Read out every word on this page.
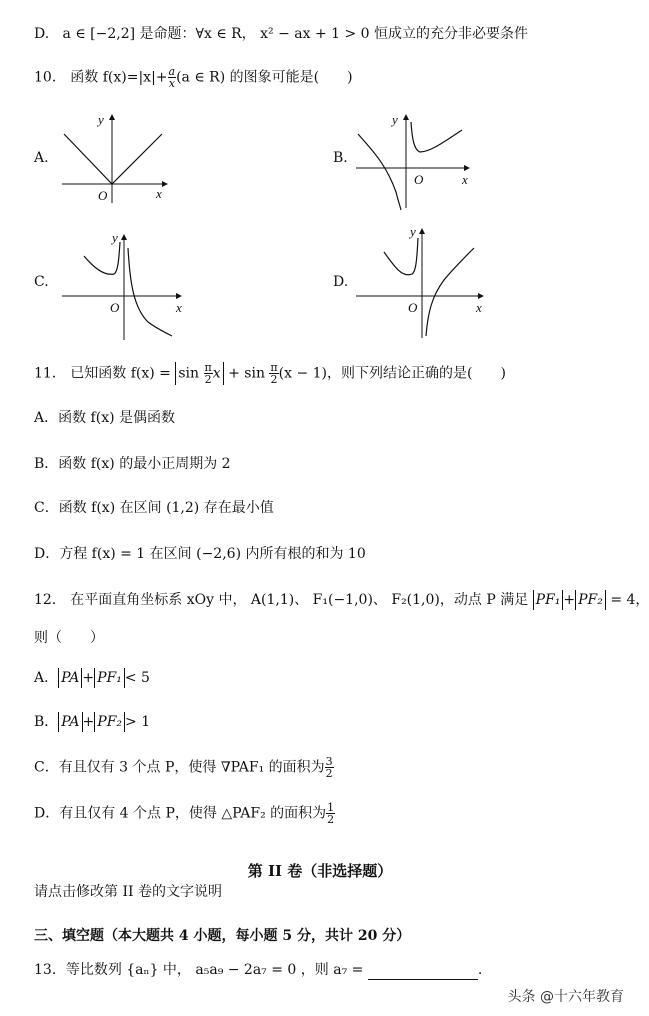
D. a ∈ [−2,2] 是命题：∀x ∈ R， x² − ax + 1 > 0 恒成立的充分非必要条件
10． 函数 $f(x)=|x|+ \frac{a}{x} (a$ ∈ R) 的图象可能是(　　)
A.	B.
C.	D.
y
O	x
y
O	x
y
O	x
y
O	x
11． 已知函数 $f(x) = \sin \frac{\pi}{2}$ $x + \sin \frac{\pi}{2} (x - 1)$，则下列结论正确的是(　　)
A．函数 f(x) 是偶函数
B．函数 f(x) 的最小正周期为 2
C．函数 f(x) 在区间 (1,2) 存在最小值
D．方程 f(x) = 1 在区间 (−2,6) 内所有根的和为 10
12． 在平面直角坐标系 xOy 中， A(1,1)、 F₁(−1,0)、 F₂(1,0)，动点 P 满足 PF₁ + PF₂ = 4，
则（　　）
A． PA + PF₁ < 5
B． PA + PF₂ > 1
C．有且仅有 3 个点 P，使得 ∇PAF₁ 的面积为 $\frac{3}{2}$
D．有且仅有 4 个点 P，使得 △PAF₂ 的面积为 $\frac{1}{2}$
第 II 卷（非选择题）
请点击修改第 II 卷的文字说明
三、填空题（本大题共 4 小题，每小题 5 分，共计 20 分）
13．等比数列 {aₙ} 中， a₅a₉ − 2a₇ = 0 ，则 a₇ =	.
头条 @十六年教育
